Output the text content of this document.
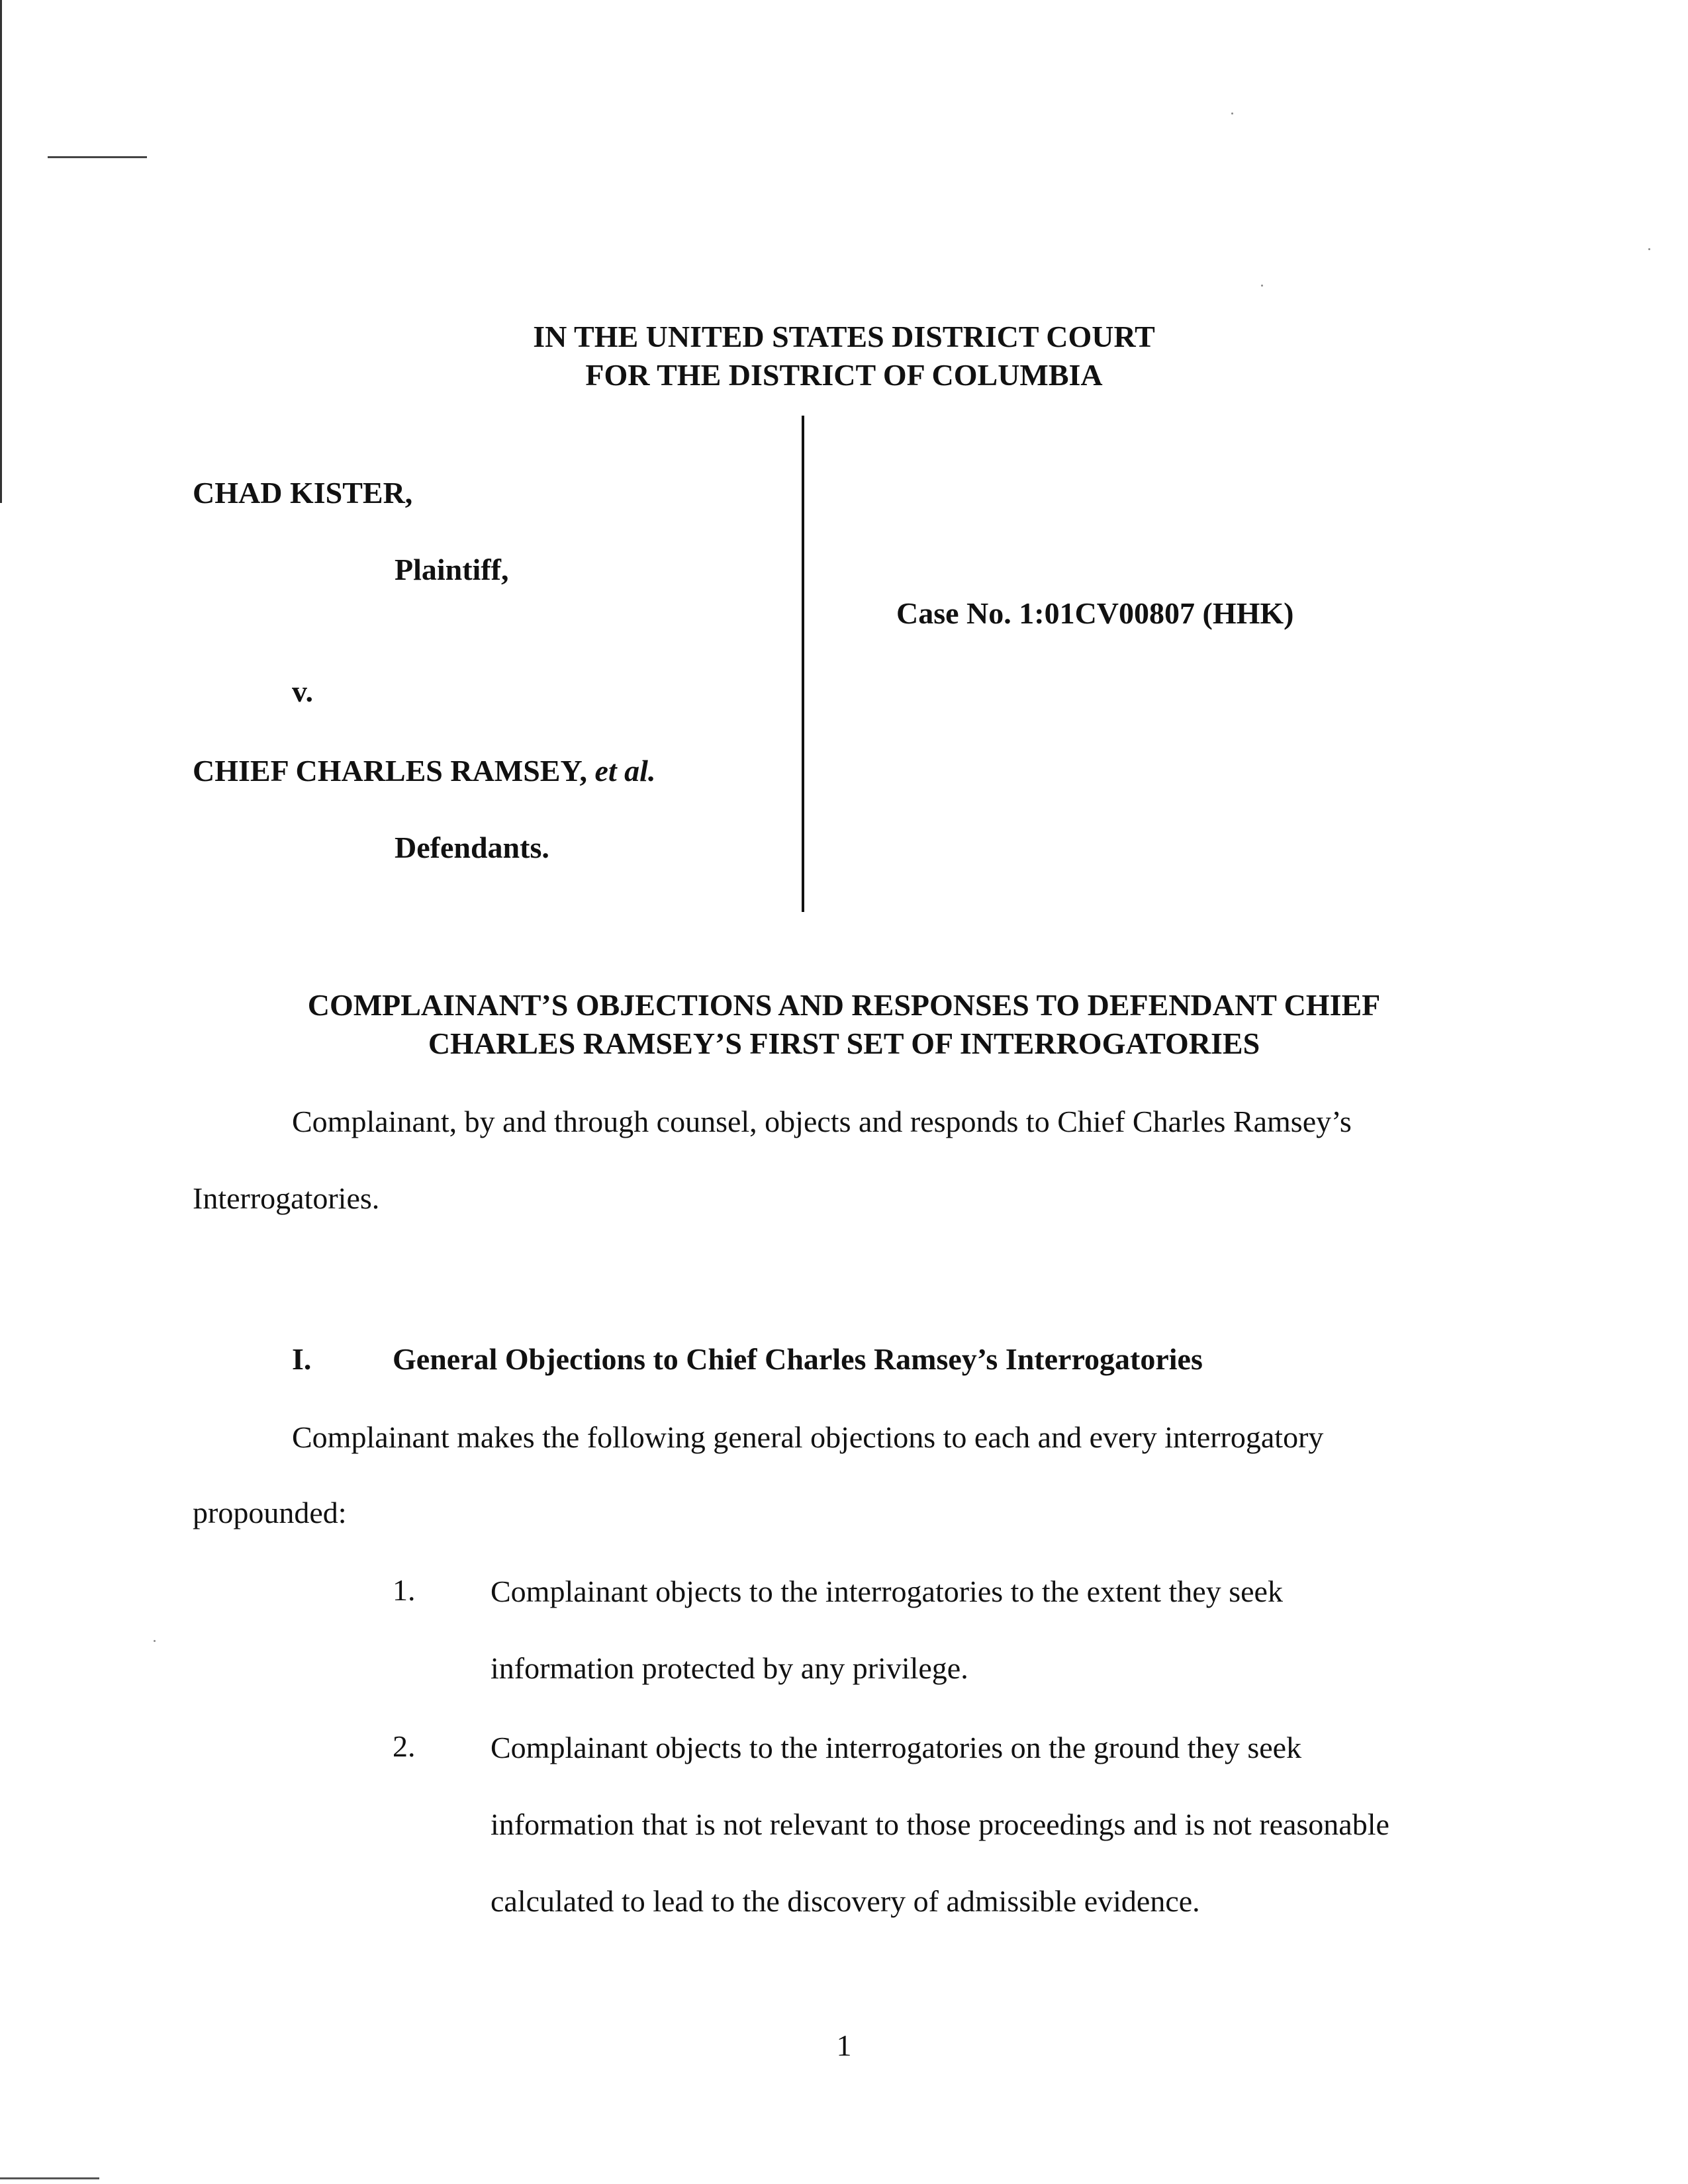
IN THE UNITED STATES DISTRICT COURT
FOR THE DISTRICT OF COLUMBIA
CHAD KISTER,
Plaintiff,
Case No. 1:01CV00807 (HHK)
v.
CHIEF CHARLES RAMSEY, et al.
Defendants.
COMPLAINANT’S OBJECTIONS AND RESPONSES TO DEFENDANT CHIEF
CHARLES RAMSEY’S FIRST SET OF INTERROGATORIES
Complainant, by and through counsel, objects and responds to Chief Charles Ramsey’s
Interrogatories.
I.	General Objections to Chief Charles Ramsey’s Interrogatories
Complainant makes the following general objections to each and every interrogatory
propounded:
1. Complainant objects to the interrogatories to the extent they seek
information protected by any privilege.
2. Complainant objects to the interrogatories on the ground they seek
information that is not relevant to those proceedings and is not reasonable
calculated to lead to the discovery of admissible evidence.
1
